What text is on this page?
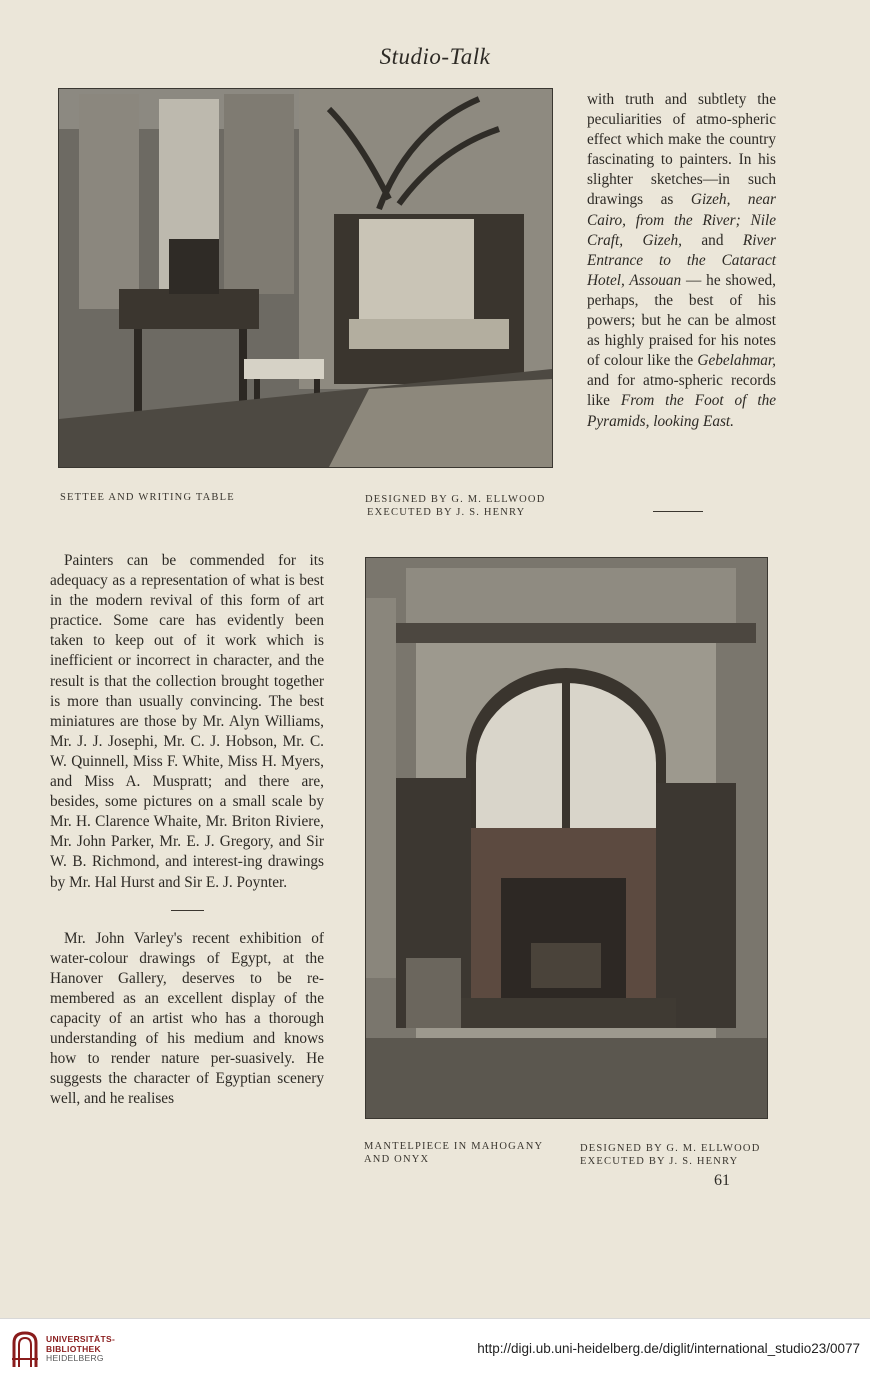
Studio-Talk
SETTEE AND WRITING TABLE	DESIGNED BY G. M. ELLWOOD
EXECUTED BY J. S. HENRY

with truth and subtlety the peculiarities of atmo-spheric effect which make the country fascinating to painters. In his slighter sketches—in such drawings as Gizeh, near Cairo, from the River; Nile Craft, Gizeh, and River Entrance to the Cataract Hotel, Assouan — he showed, perhaps, the best of his powers; but he can be almost as highly praised for his notes of colour like the Gebelahmar, and for atmo-spheric records like From the Foot of the Pyramids, looking East.

Painters can be commended for its adequacy as a representation of what is best in the modern revival of this form of art practice. Some care has evidently been taken to keep out of it work which is inefficient or incorrect in character, and the result is that the collection brought together is more than usually convincing. The best miniatures are those by Mr. Alyn Williams, Mr. J. J. Josephi, Mr. C. J. Hobson, Mr. C. W. Quinnell, Miss F. White, Miss H. Myers, and Miss A. Muspratt; and there are, besides, some pictures on a small scale by Mr. H. Clarence Whaite, Mr. Briton Riviere, Mr. John Parker, Mr. E. J. Gregory, and Sir W. B. Richmond, and interest-ing drawings by Mr. Hal Hurst and Sir E. J. Poynter.

Mr. John Varley's recent exhibition of water-colour drawings of Egypt, at the Hanover Gallery, deserves to be re-membered as an excellent display of the capacity of an artist who has a thorough understanding of his medium and knows how to render nature per-suasively. He suggests the character of Egyptian scenery well, and he realises

MANTELPIECE IN MAHOGANY
AND ONYX
DESIGNED BY G. M. ELLWOOD
EXECUTED BY J. S. HENRY
61
UNIVERSITÄTS-
BIBLIOTHEK
HEIDELBERG
http://digi.ub.uni-heidelberg.de/diglit/international_studio23/0077
